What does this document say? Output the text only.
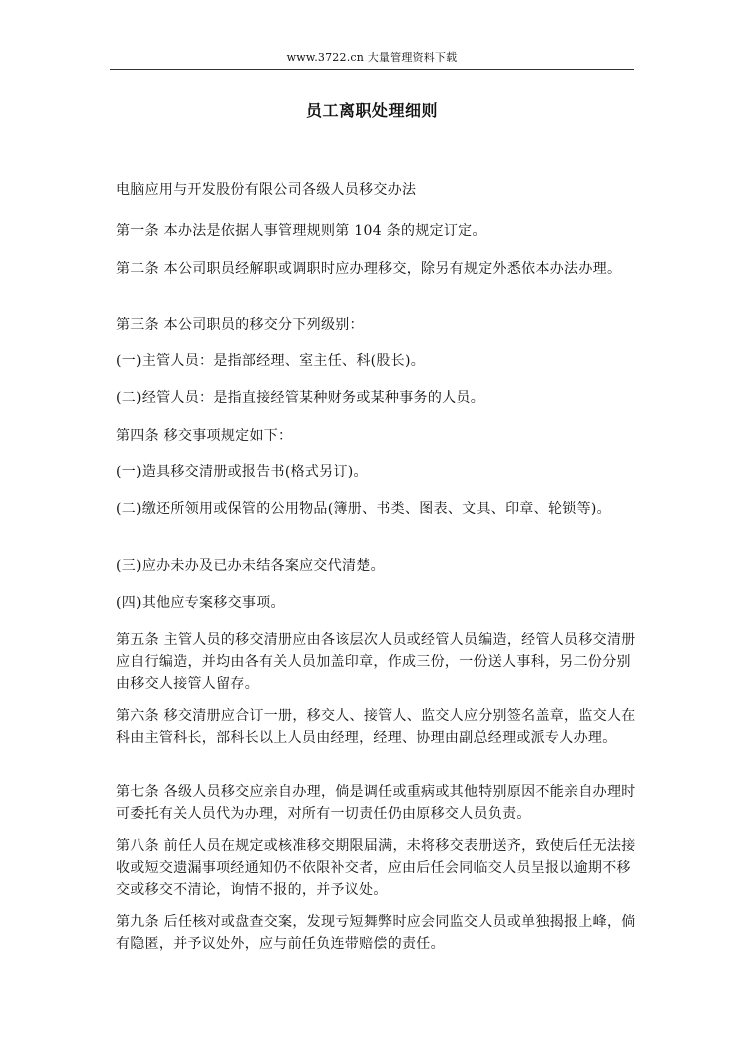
www.3722.cn 大量管理资料下载
员工离职处理细则

电脑应用与开发股份有限公司各级人员移交办法

第一条 本办法是依据人事管理规则第 104 条的规定订定。

第二条 本公司职员经解职或调职时应办理移交，除另有规定外悉依本办法办理。

第三条 本公司职员的移交分下列级别：

(一)主管人员：是指部经理、室主任、科(股长)。

(二)经管人员：是指直接经管某种财务或某种事务的人员。

第四条 移交事项规定如下：

(一)造具移交清册或报告书(格式另订)。

(二)缴还所领用或保管的公用物品(簿册、书类、图表、文具、印章、轮锁等)。

(三)应办未办及已办未结各案应交代清楚。

(四)其他应专案移交事项。

第五条 主管人员的移交清册应由各该层次人员或经管人员编造，经管人员移交清册应自行编造，并均由各有关人员加盖印章，作成三份，一份送人事科，另二份分别由移交人接管人留存。

第六条 移交清册应合订一册，移交人、接管人、监交人应分别签名盖章，监交人在科由主管科长，部科长以上人员由经理，经理、协理由副总经理或派专人办理。

第七条 各级人员移交应亲自办理，倘是调任或重病或其他特别原因不能亲自办理时可委托有关人员代为办理，对所有一切责任仍由原移交人员负责。

第八条 前任人员在规定或核准移交期限届满，未将移交表册送齐，致使后任无法接收或短交遗漏事项经通知仍不依限补交者，应由后任会同临交人员呈报以逾期不移交或移交不清论，询情不报的，并予议处。

第九条 后任核对或盘查交案，发现亏短舞弊时应会同监交人员或单独揭报上峰，倘有隐匿，并予议处外，应与前任负连带赔偿的责任。
